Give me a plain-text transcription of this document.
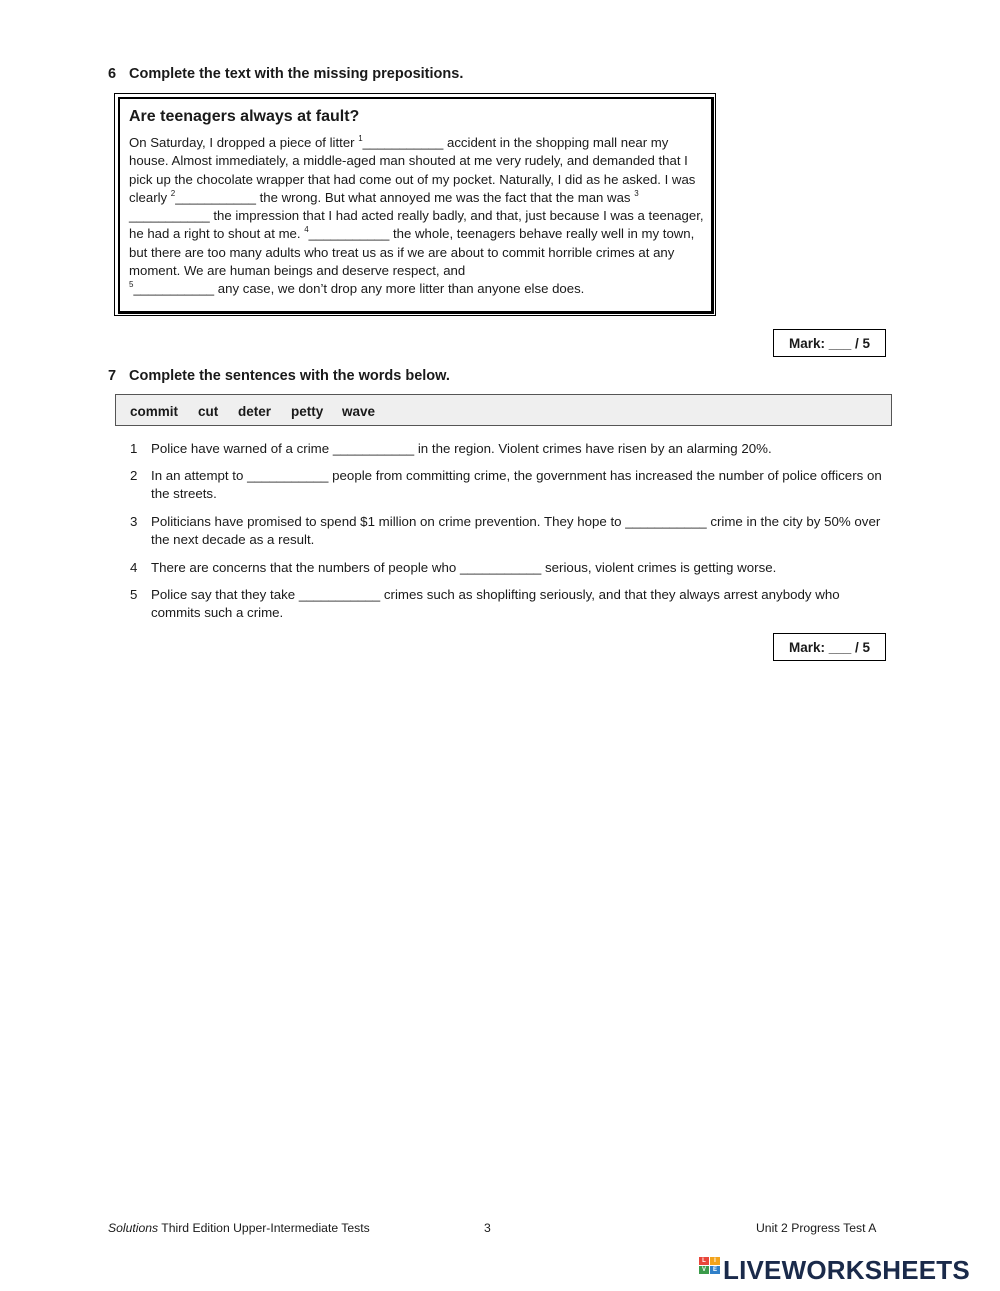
6 Complete the text with the missing prepositions.
Are teenagers always at fault?
On Saturday, I dropped a piece of litter $^1$___________ accident in the shopping mall near my house. Almost immediately, a middle-aged man shouted at me very rudely, and demanded that I pick up the chocolate wrapper that had come out of my pocket. Naturally, I did as he asked. I was clearly $^2$___________ the wrong. But what annoyed me was the fact that the man was $^3$___________ the impression that I had acted really badly, and that, just because I was a teenager, he had a right to shout at me. $^4$___________ the whole, teenagers behave really well in my town, but there are too many adults who treat us as if we are about to commit horrible crimes at any moment. We are human beings and deserve respect, and
$^5$___________ any case, we don’t drop any more litter than anyone else does.
Mark: ___ / 5
7 Complete the sentences with the words below.
commit cut deter petty wave
1 Police have warned of a crime ___________ in the region. Violent crimes have risen by an alarming 20%.
2 In an attempt to ___________ people from committing crime, the government has increased the number of police officers on the streets.
3 Politicians have promised to spend $1 million on crime prevention. They hope to ___________ crime in the city by 50% over the next decade as a result.
4 There are concerns that the numbers of people who ___________ serious, violent crimes is getting worse.
5 Police say that they take ___________ crimes such as shoplifting seriously, and that they always arrest anybody who commits such a crime.
Mark: ___ / 5
Solutions Third Edition Upper-Intermediate Tests	3	Unit 2 Progress Test A
L	I
V	E LIVEWORKSHEETS
